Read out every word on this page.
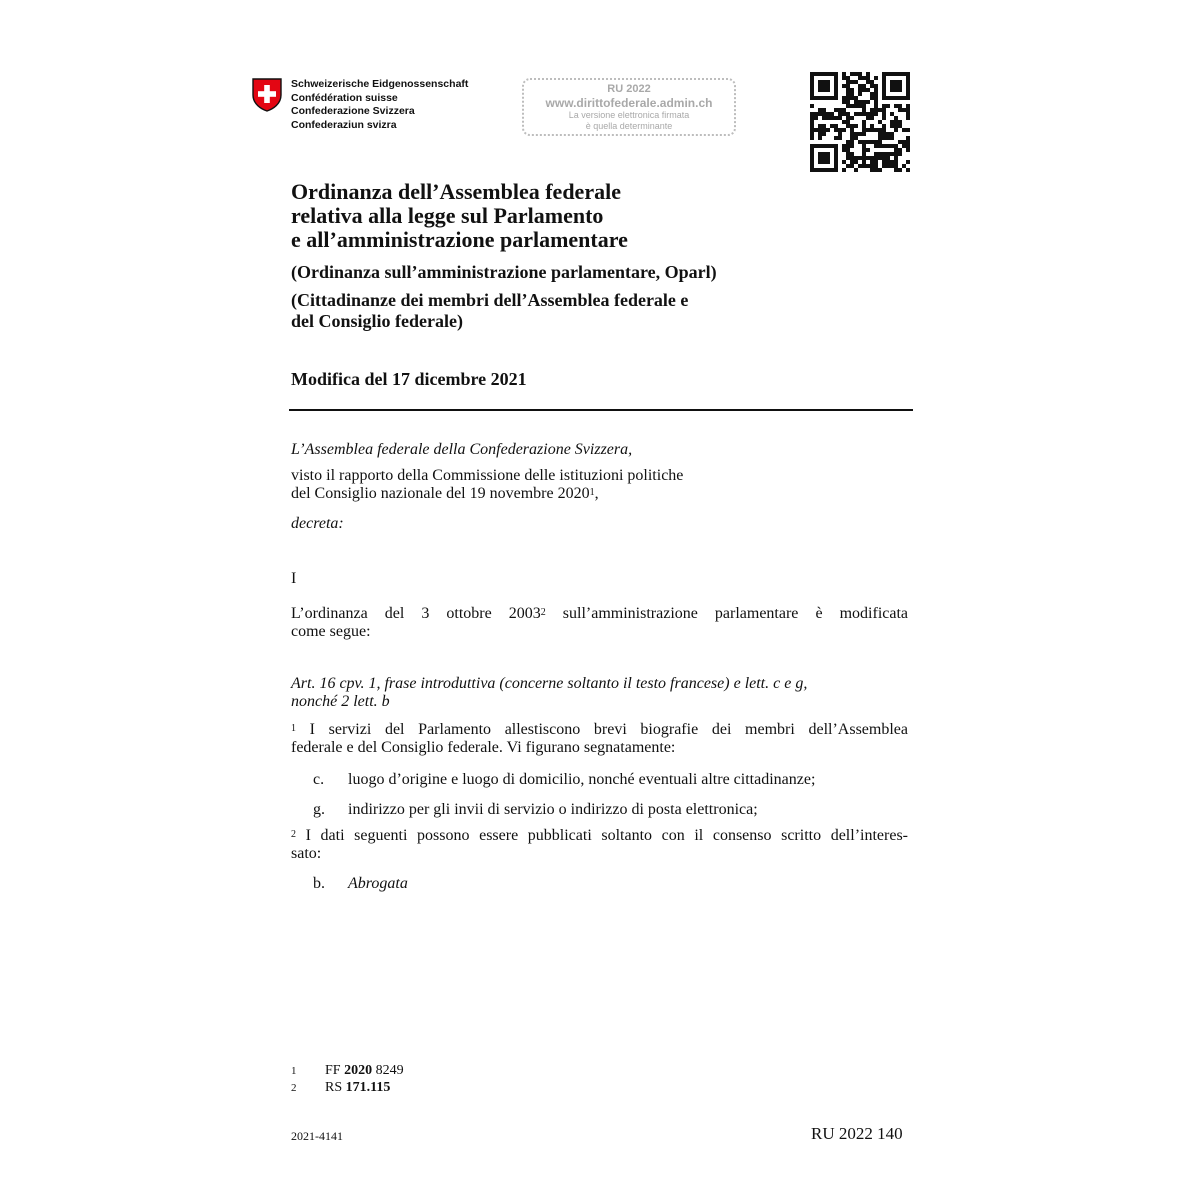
Schweizerische Eidgenossenschaft
Confédération suisse
Confederazione Svizzera
Confederaziun svizra
RU 2022
www.dirittofederale.admin.ch
La versione elettronica firmata
è quella determinante
Ordinanza dell’Assemblea federale
relativa alla legge sul Parlamento
e all’amministrazione parlamentare
(Ordinanza sull’amministrazione parlamentare, Oparl)
(Cittadinanze dei membri dell’Assemblea federale e
del Consiglio federale)
Modifica del 17 dicembre 2021
L’Assemblea federale della Confederazione Svizzera,
visto il rapporto della Commissione delle istituzioni politiche
del Consiglio nazionale del 19 novembre 2020$^1$,
decreta:
I
L’ordinanza del 3 ottobre 2003$^2$ sull’amministrazione parlamentare è modificata
come segue:
Art. 16 cpv. 1, frase introduttiva (concerne soltanto il testo francese) e lett. c e g,
nonché 2 lett. b
$^1$ I servizi del Parlamento allestiscono brevi biografie dei membri dell’Assemblea
federale e del Consiglio federale. Vi figurano segnatamente:
c. luogo d’origine e luogo di domicilio, nonché eventuali altre cittadinanze;
g. indirizzo per gli invii di servizio o indirizzo di posta elettronica;
$^2$ I dati seguenti possono essere pubblicati soltanto con il consenso scritto dell’interes-
sato:
b. Abrogata
1 FF 2020 8249
2 RS 171.115
2021-4141	RU 2022 140
